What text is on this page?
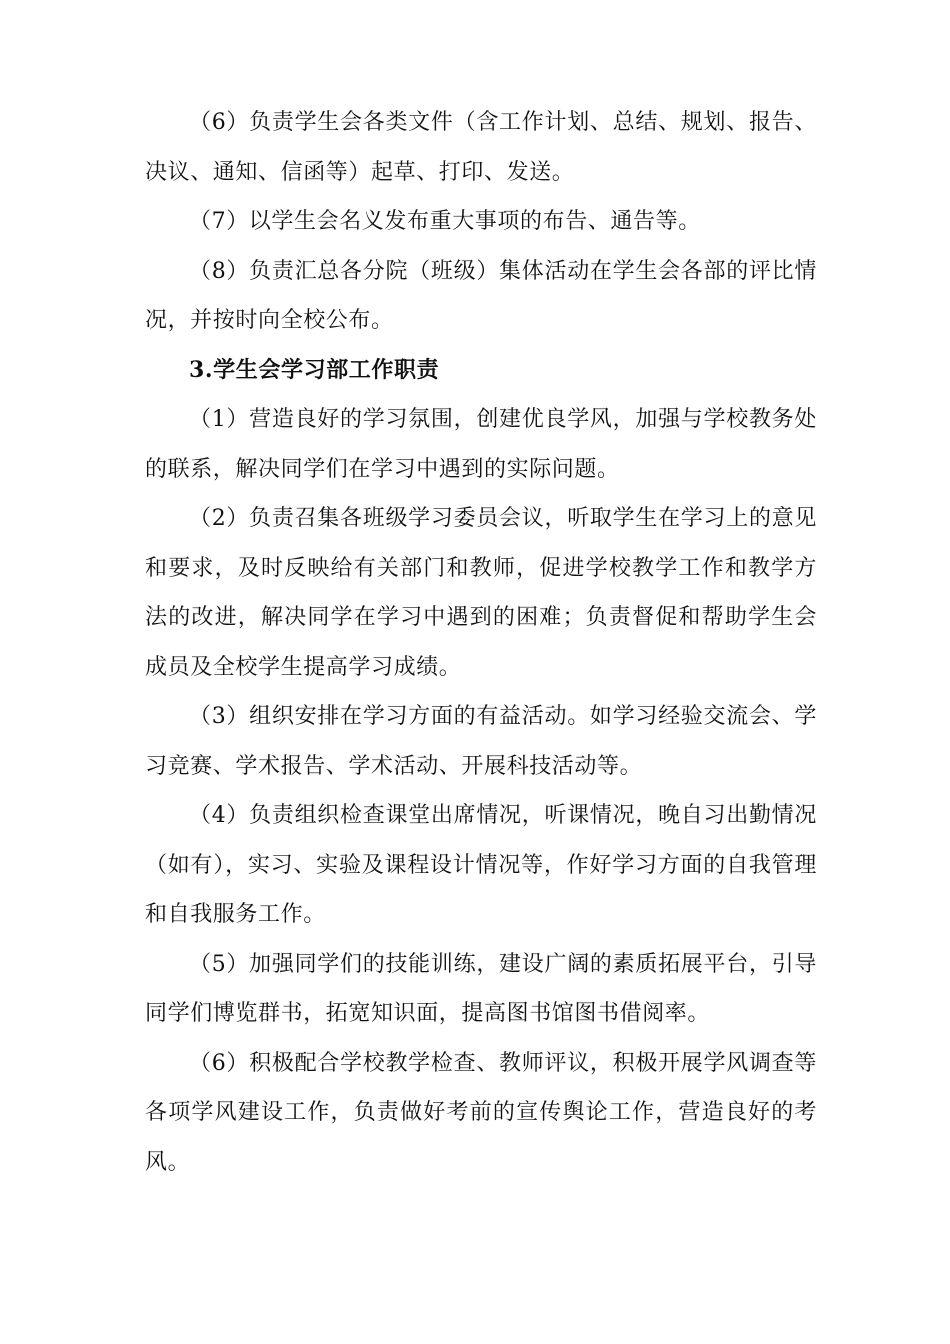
（6）负责学生会各类文件（含工作计划、总结、规划、报告、决议、通知、信函等）起草、打印、发送。

（7）以学生会名义发布重大事项的布告、通告等。

（8）负责汇总各分院（班级）集体活动在学生会各部的评比情况，并按时向全校公布。

3.学生会学习部工作职责

（1）营造良好的学习氛围，创建优良学风，加强与学校教务处的联系，解决同学们在学习中遇到的实际问题。

（2）负责召集各班级学习委员会议，听取学生在学习上的意见和要求，及时反映给有关部门和教师，促进学校教学工作和教学方法的改进，解决同学在学习中遇到的困难；负责督促和帮助学生会成员及全校学生提高学习成绩。

（3）组织安排在学习方面的有益活动。如学习经验交流会、学习竞赛、学术报告、学术活动、开展科技活动等。

（4）负责组织检查课堂出席情况，听课情况，晚自习出勤情况（如有），实习、实验及课程设计情况等，作好学习方面的自我管理和自我服务工作。

（5）加强同学们的技能训练，建设广阔的素质拓展平台，引导同学们博览群书，拓宽知识面，提高图书馆图书借阅率。

（6）积极配合学校教学检查、教师评议，积极开展学风调查等各项学风建设工作，负责做好考前的宣传舆论工作，营造良好的考风。
